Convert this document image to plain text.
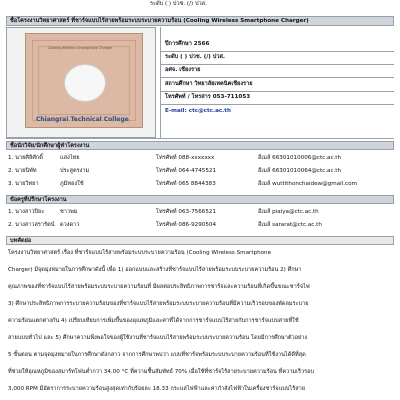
ระดับ ( ) ปวช. (/) ปวส.
ชื่อโครงงานวิทยาศาสตร์ ที่ชาร์จแบบไร้สายพร้อมระบบระบายความร้อน (Cooling Wireless Smartphone Charger)
Cooling Wireless Smartphone Charger
Chiangrai Technical College
ปีการศึกษา 2566
ระดับ ( ) ปวช. (/) ปวส.
อศจ. เชียงราย
สถานศึกษา วิทยาลัยเทคนิคเชียงราย
โทรศัพท์ / โทรสาร 053-711053
E-mail: ctc@ctc.ac.th
ชื่อนักวิจัย/นักศึกษาผู้ทำโครงงาน
1. นายศิลิศักดิ์	แสงไทย	โทรศัพท์ 088-xxxxxxx	อีเมล์ 66301010006@ctc.ac.th
2. นายนิพัท	ประสูตรงาม	โทรศัพท์ 064-4745521	อีเมล์ 66301010064@ctc.ac.th
3. นายวิทยา	ภูมิทองใช้	โทรศัพท์ 065 8844383	อีเมล์ wuttithonchaidew@gmail.com
ข้อครูที่ปรึกษาโครงงาน
1. นางสาวปิยะ	ชาวพม	โทรศัพท์ 063-7566521	อีเมล์ piaiya@ctc.ac.th
2. นางสาวสรารัตน์ ดวงดาว	โทรศัพท์ 086-9290504	อีเมล์ sararat@ctc.ac.th
บทคัดย่อ
โครงงานวิทยาศาสตร์ เรื่อง ที่ชาร์จแบบไร้สายพร้อมระบบระบายความร้อน (Cooling Wireless Smartphone
Charger) มีจุดมุ่งหมายในการศึกษาดังนี้ เพื่อ 1) ออกแบบและสร้างที่ชาร์จแบบไร้สายพร้อมระบบระบายความร้อน 2) ศึกษา
คุณภาพของที่ชาร์จแบบไร้สายพร้อมระบบระบายความร้อนที่ มีผลต่อประสิทธิภาพการชาร์จและความร้อนที่เกิดขึ้นขณะชาร์จไฟ
3) ศึกษาประสิทธิภาพการระบายความร้อนของที่ชาร์จแบบไร้สายพร้อมระบบระบายความร้อนที่มีความเร็วรอบของพัดลมระบาย
ความร้อนแตกต่างกัน 4) เปรียบเทียบการเพิ่มขึ้นของอุณหภูมิและค่าที่ได้จากการชาร์จแบบไร้สายกับการชาร์จแบบสายที่ใช้
สายแบบทั่วไป และ 5) ศึกษาความพึงพอใจของผู้ใช้งานที่ชาร์จแบบไร้สายพร้อมระบบระบายความร้อน โดยมีการศึกษาตัวอย่าง
5 ขั้นตอน ตามจุดมุ่งหมายในการศึกษาดังกล่าว จากการศึกษาพบว่า แบบที่ชาร์จพร้อมระบบระบายความร้อนที่ใช้งานได้ดีที่สุด
ที่ช่วยให้อุณหภูมิของสมาร์ทโฟนต่ำกว่า 34.00 °C ที่ความชื้นสัมพัทธ์ 70% เมื่อใช้ที่ชาร์จไร้สายระบายความร้อน ที่ความเร็วรอบ
3,000 RPM มีอัตราการระบายความร้อนสูงสุดเท่ากับร้อยละ 18.33 กระแสไฟฟ้าและค่ากำลังไฟฟ้าในเครื่องชาร์จแบบไร้สาย
